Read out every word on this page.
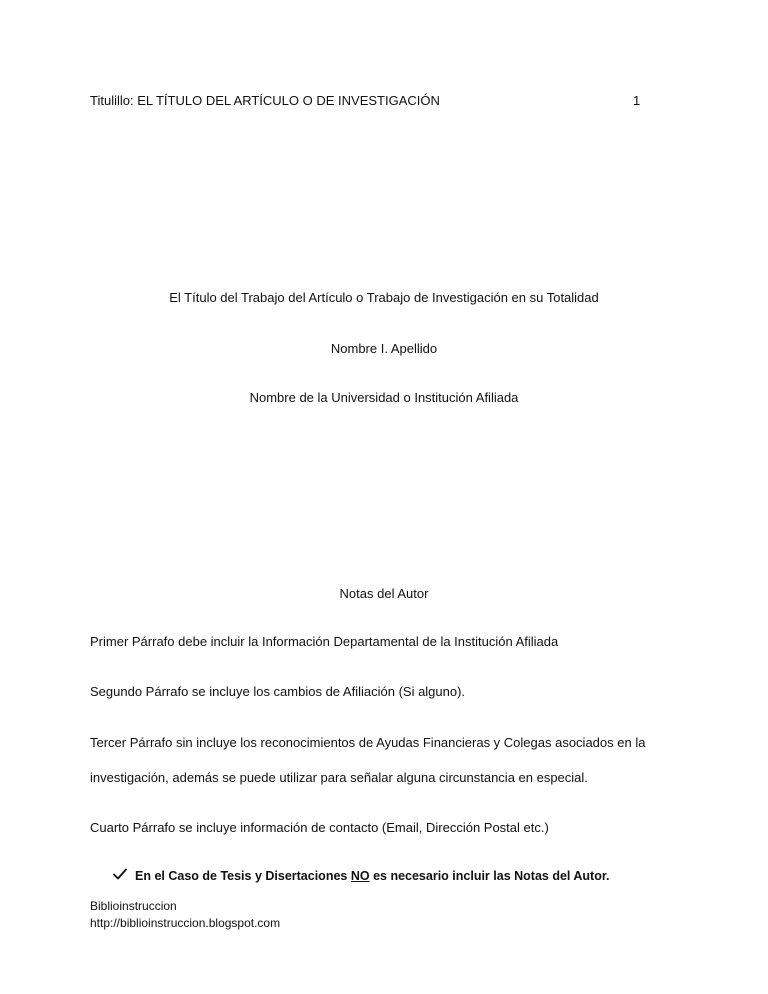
Titulillo: EL TÍTULO DEL ARTÍCULO O DE INVESTIGACIÓN	1
El Título del Trabajo del Artículo o Trabajo de Investigación en su Totalidad
Nombre I. Apellido
Nombre de la Universidad o Institución Afiliada
Notas del Autor
Primer Párrafo debe incluir la Información Departamental de la Institución Afiliada
Segundo Párrafo se incluye los cambios de Afiliación (Si alguno).
Tercer Párrafo sin incluye los reconocimientos de Ayudas Financieras y Colegas asociados en la
investigación, además se puede utilizar para señalar alguna circunstancia en especial.
Cuarto Párrafo se incluye información de contacto (Email, Dirección Postal etc.)
En el Caso de Tesis y Disertaciones NO es necesario incluir las Notas del Autor.
Biblioinstruccion
http://biblioinstruccion.blogspot.com
